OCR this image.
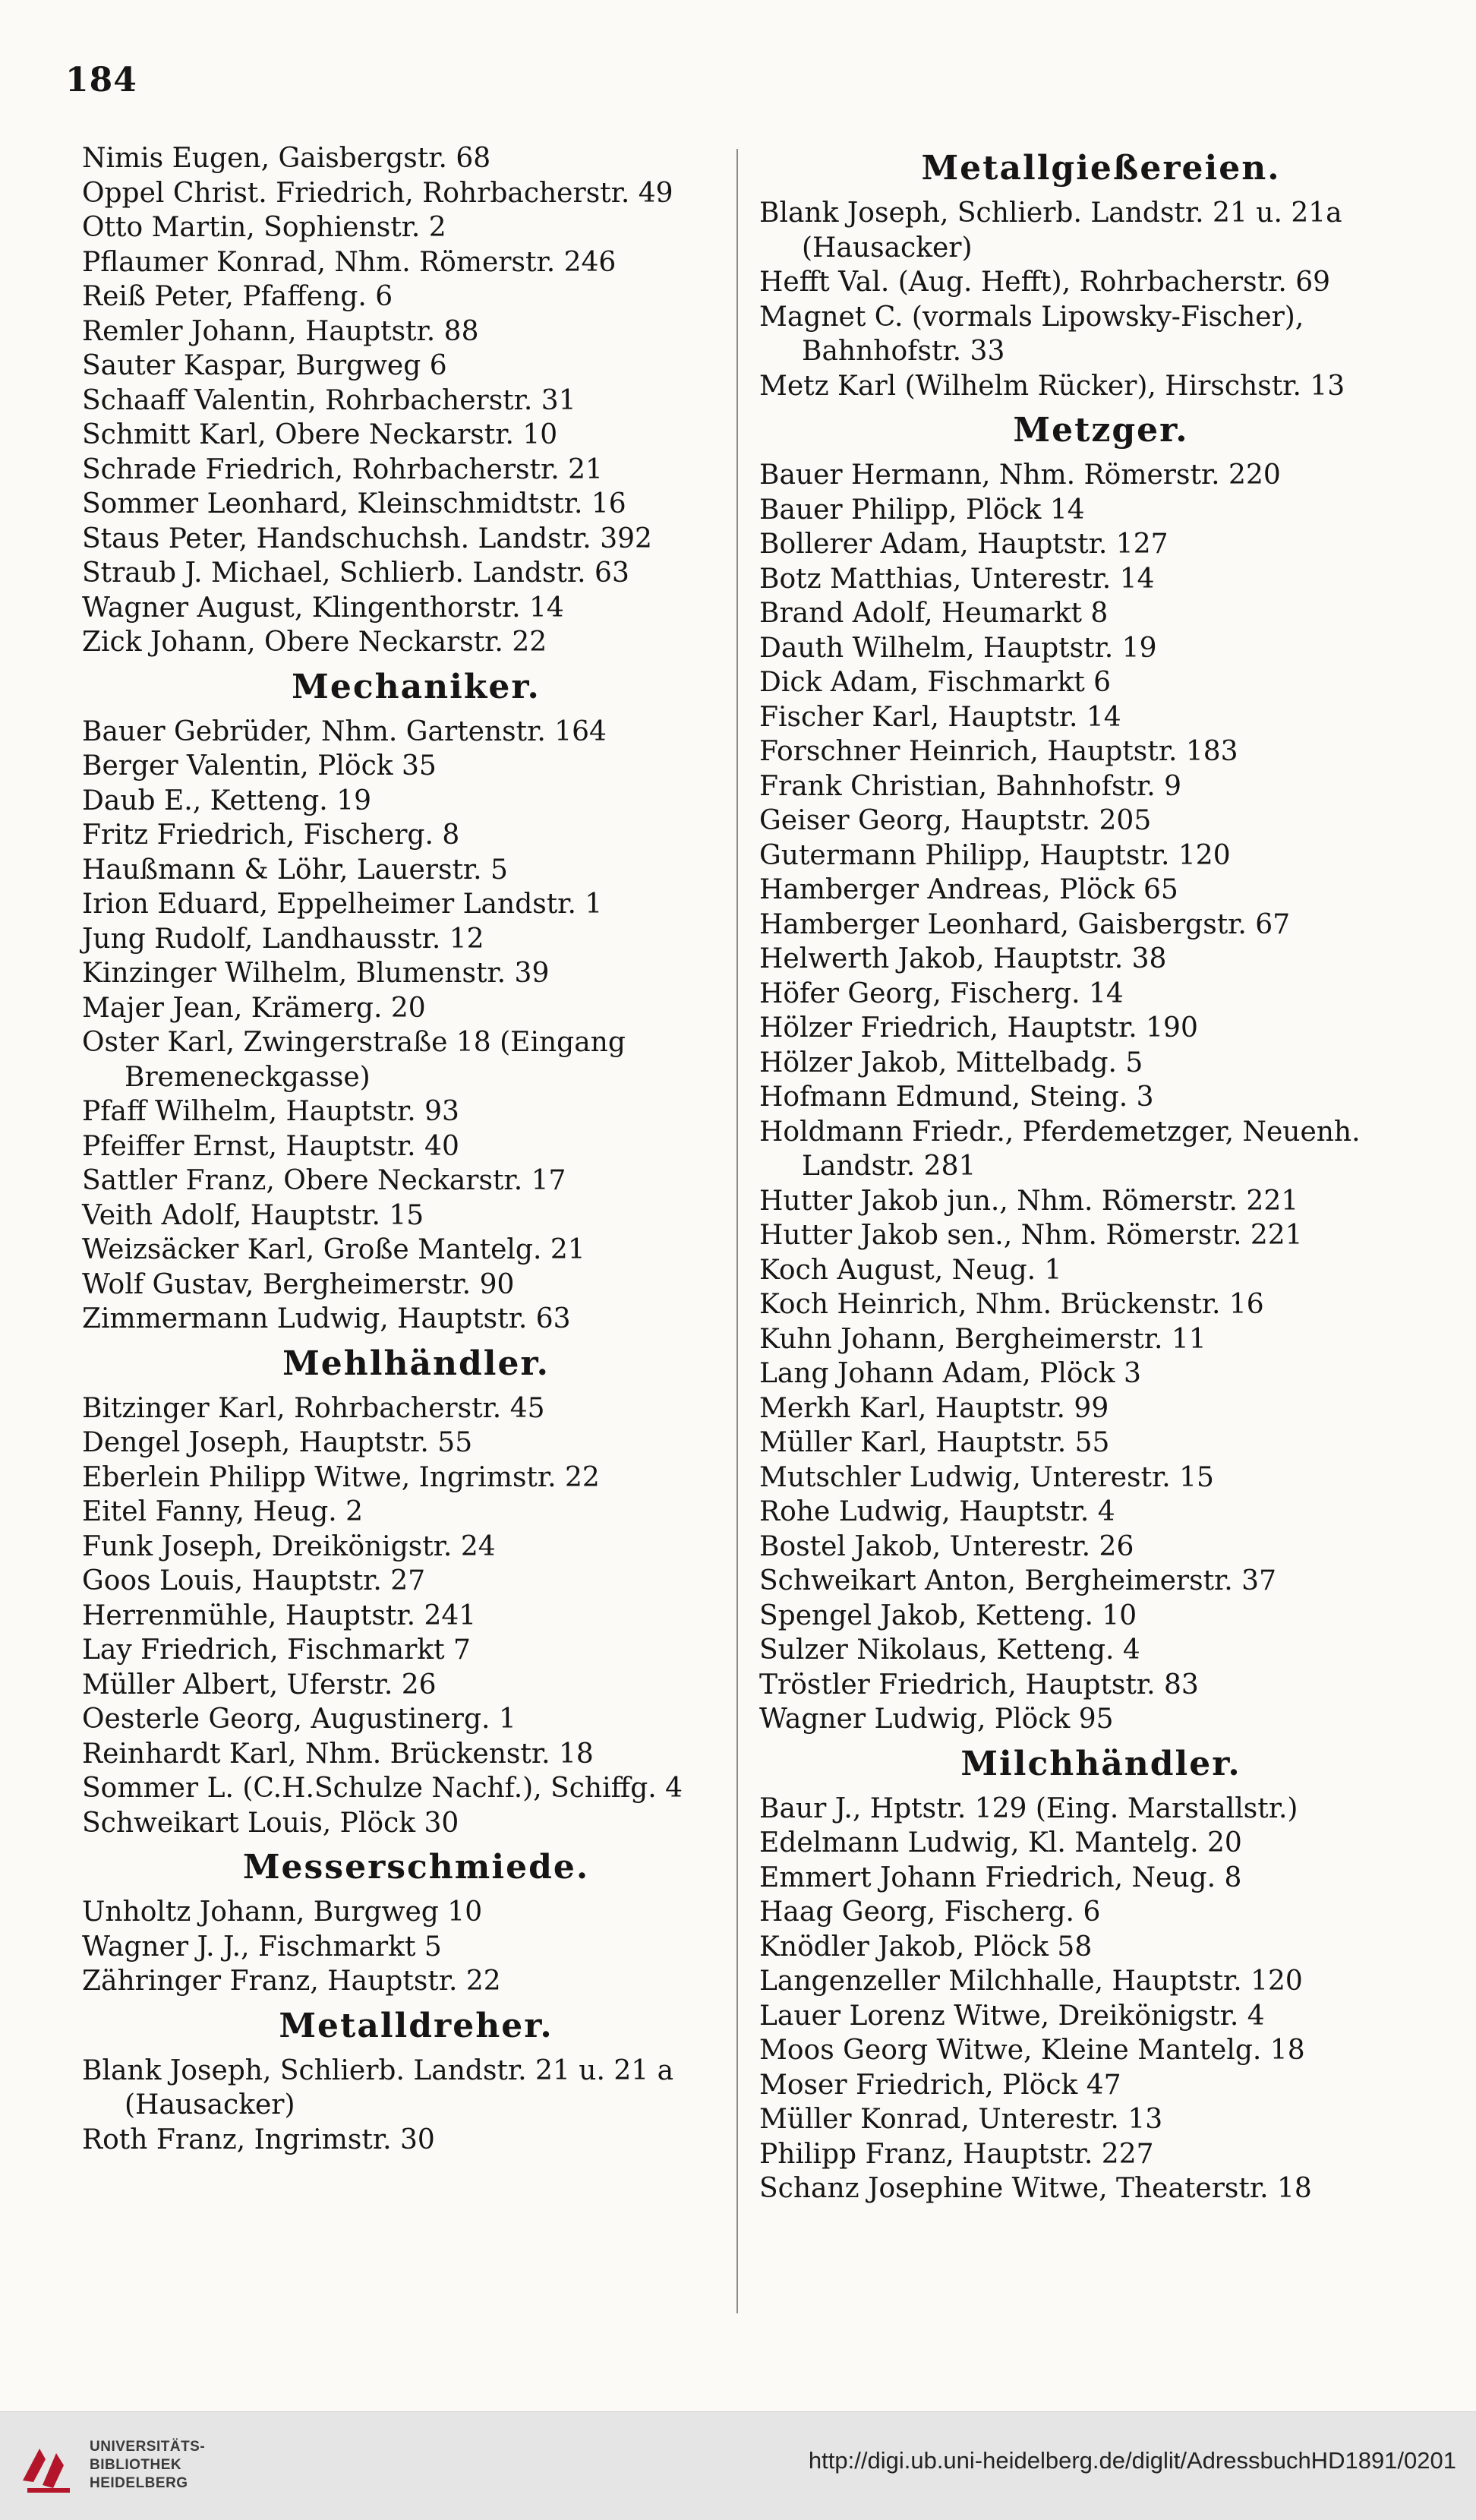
184
Nimis Eugen, Gaisbergstr. 68
Oppel Christ. Friedrich, Rohrbacherstr. 49
Otto Martin, Sophienstr. 2
Pflaumer Konrad, Nhm. Römerstr. 246
Reiß Peter, Pfaffeng. 6
Remler Johann, Hauptstr. 88
Sauter Kaspar, Burgweg 6
Schaaff Valentin, Rohrbacherstr. 31
Schmitt Karl, Obere Neckarstr. 10
Schrade Friedrich, Rohrbacherstr. 21
Sommer Leonhard, Kleinschmidtstr. 16
Staus Peter, Handschuchsh. Landstr. 392
Straub J. Michael, Schlierb. Landstr. 63
Wagner August, Klingenthorstr. 14
Zick Johann, Obere Neckarstr. 22
Mechaniker.
Bauer Gebrüder, Nhm. Gartenstr. 164
Berger Valentin, Plöck 35
Daub E., Ketteng. 19
Fritz Friedrich, Fischerg. 8
Haußmann & Löhr, Lauerstr. 5
Irion Eduard, Eppelheimer Landstr. 1
Jung Rudolf, Landhausstr. 12
Kinzinger Wilhelm, Blumenstr. 39
Majer Jean, Krämerg. 20
Oster Karl, Zwingerstraße 18 (Eingang Bremeneckgasse)
Pfaff Wilhelm, Hauptstr. 93
Pfeiffer Ernst, Hauptstr. 40
Sattler Franz, Obere Neckarstr. 17
Veith Adolf, Hauptstr. 15
Weizsäcker Karl, Große Mantelg. 21
Wolf Gustav, Bergheimerstr. 90
Zimmermann Ludwig, Hauptstr. 63
Mehlhändler.
Bitzinger Karl, Rohrbacherstr. 45
Dengel Joseph, Hauptstr. 55
Eberlein Philipp Witwe, Ingrimstr. 22
Eitel Fanny, Heug. 2
Funk Joseph, Dreikönigstr. 24
Goos Louis, Hauptstr. 27
Herrenmühle, Hauptstr. 241
Lay Friedrich, Fischmarkt 7
Müller Albert, Uferstr. 26
Oesterle Georg, Augustinerg. 1
Reinhardt Karl, Nhm. Brückenstr. 18
Sommer L. (C.H.Schulze Nachf.), Schiffg. 4
Schweikart Louis, Plöck 30
Messerschmiede.
Unholtz Johann, Burgweg 10
Wagner J. J., Fischmarkt 5
Zähringer Franz, Hauptstr. 22
Metalldreher.
Blank Joseph, Schlierb. Landstr. 21 u. 21 a (Hausacker)
Roth Franz, Ingrimstr. 30
Metallgießereien.
Blank Joseph, Schlierb. Landstr. 21 u. 21a (Hausacker)
Hefft Val. (Aug. Hefft), Rohrbacherstr. 69
Magnet C. (vormals Lipowsky-Fischer), Bahnhofstr. 33
Metz Karl (Wilhelm Rücker), Hirschstr. 13
Metzger.
Bauer Hermann, Nhm. Römerstr. 220
Bauer Philipp, Plöck 14
Bollerer Adam, Hauptstr. 127
Botz Matthias, Unterestr. 14
Brand Adolf, Heumarkt 8
Dauth Wilhelm, Hauptstr. 19
Dick Adam, Fischmarkt 6
Fischer Karl, Hauptstr. 14
Forschner Heinrich, Hauptstr. 183
Frank Christian, Bahnhofstr. 9
Geiser Georg, Hauptstr. 205
Gutermann Philipp, Hauptstr. 120
Hamberger Andreas, Plöck 65
Hamberger Leonhard, Gaisbergstr. 67
Helwerth Jakob, Hauptstr. 38
Höfer Georg, Fischerg. 14
Hölzer Friedrich, Hauptstr. 190
Hölzer Jakob, Mittelbadg. 5
Hofmann Edmund, Steing. 3
Holdmann Friedr., Pferdemetzger, Neuenh. Landstr. 281
Hutter Jakob jun., Nhm. Römerstr. 221
Hutter Jakob sen., Nhm. Römerstr. 221
Koch August, Neug. 1
Koch Heinrich, Nhm. Brückenstr. 16
Kuhn Johann, Bergheimerstr. 11
Lang Johann Adam, Plöck 3
Merkh Karl, Hauptstr. 99
Müller Karl, Hauptstr. 55
Mutschler Ludwig, Unterestr. 15
Rohe Ludwig, Hauptstr. 4
Bostel Jakob, Unterestr. 26
Schweikart Anton, Bergheimerstr. 37
Spengel Jakob, Ketteng. 10
Sulzer Nikolaus, Ketteng. 4
Tröstler Friedrich, Hauptstr. 83
Wagner Ludwig, Plöck 95
Milchhändler.
Baur J., Hptstr. 129 (Eing. Marstallstr.)
Edelmann Ludwig, Kl. Mantelg. 20
Emmert Johann Friedrich, Neug. 8
Haag Georg, Fischerg. 6
Knödler Jakob, Plöck 58
Langenzeller Milchhalle, Hauptstr. 120
Lauer Lorenz Witwe, Dreikönigstr. 4
Moos Georg Witwe, Kleine Mantelg. 18
Moser Friedrich, Plöck 47
Müller Konrad, Unterestr. 13
Philipp Franz, Hauptstr. 227
Schanz Josephine Witwe, Theaterstr. 18
UNIVERSITÄTS-
BIBLIOTHEK
HEIDELBERG
http://digi.ub.uni-heidelberg.de/diglit/AdressbuchHD1891/0201
